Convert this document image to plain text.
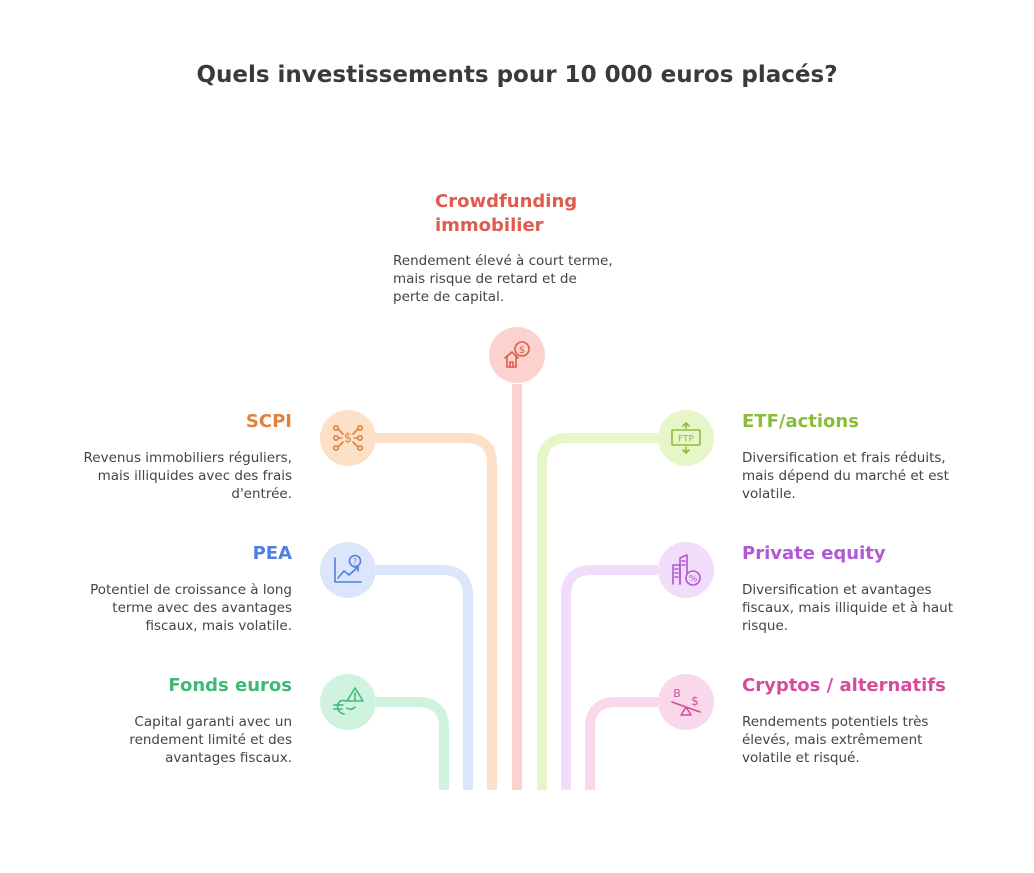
Quels investissements pour 10 000 euros placés?
$
Crowdfunding
immobilier
Rendement élevé à court terme,
mais risque de retard et de
perte de capital.
$
SCPI
Revenus immobiliers réguliers,
mais illiquides avec des frais
d'entrée.
?
PEA
Potentiel de croissance à long
terme avec des avantages
fiscaux, mais volatile.
Fonds euros
Capital garanti avec un
rendement limité et des
avantages fiscaux.
FTP
ETF/actions
Diversification et frais réduits,
mais dépend du marché et est
volatile.
%
Private equity
Diversification et avantages
fiscaux, mais illiquide et à haut
risque.
B
$
Cryptos / alternatifs
Rendements potentiels très
élevés, mais extrêmement
volatile et risqué.
